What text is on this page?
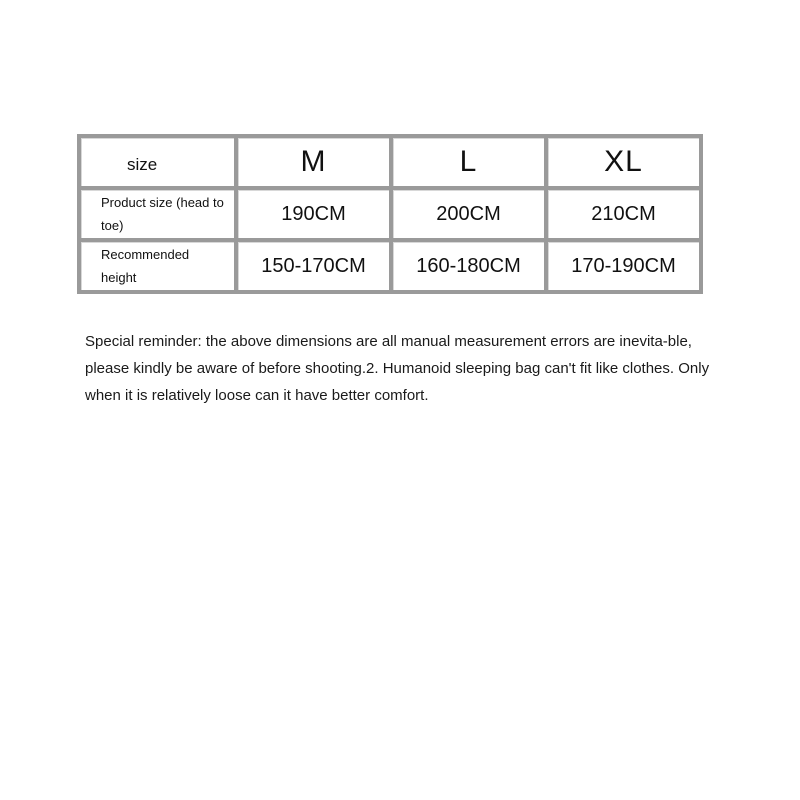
size	M	L	XL

Product size (head to toe)	190CM	200CM	210CM

Recommended height	150-170CM	160-180CM	170-190CM

Special reminder: the above dimensions are all manual measurement errors are inevita-ble, please kindly be aware of before shooting.2. Humanoid sleeping bag can't fit like clothes. Only when it is relatively loose can it have better comfort.
